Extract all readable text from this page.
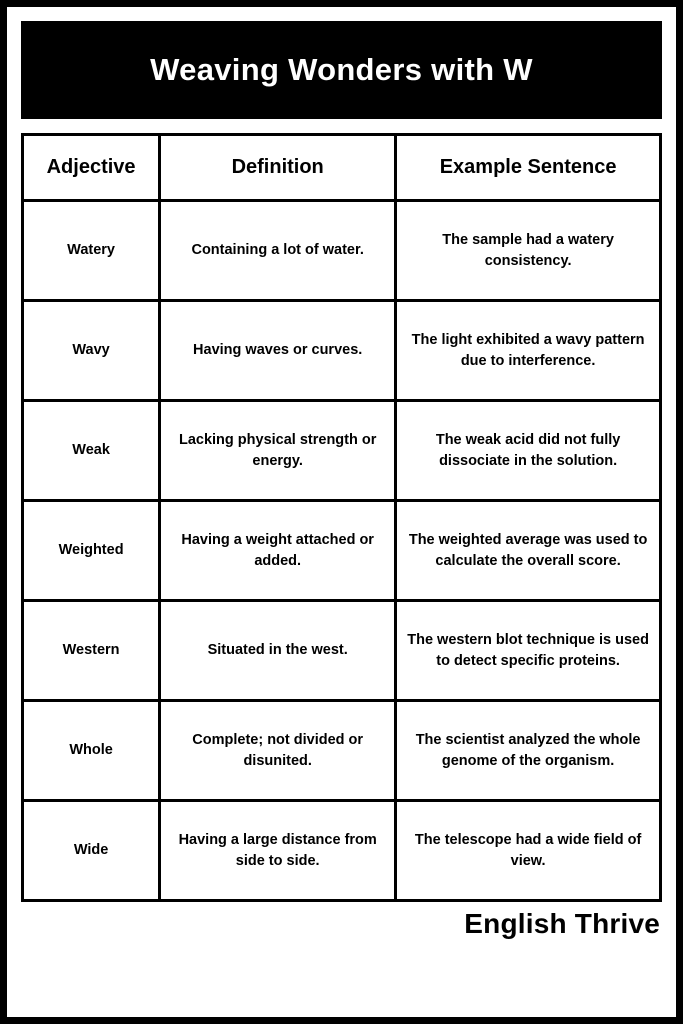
Weaving Wonders with W
Adjective	Definition	Example Sentence
Watery	Containing a lot of water.	The sample had a watery consistency.
Wavy	Having waves or curves.	The light exhibited a wavy pattern due to interference.
Weak	Lacking physical strength or energy.	The weak acid did not fully dissociate in the solution.
Weighted	Having a weight attached or added.	The weighted average was used to calculate the overall score.
Western	Situated in the west.	The western blot technique is used to detect specific proteins.
Whole	Complete; not divided or disunited.	The scientist analyzed the whole genome of the organism.
Wide	Having a large distance from side to side.	The telescope had a wide field of view.
English Thrive
